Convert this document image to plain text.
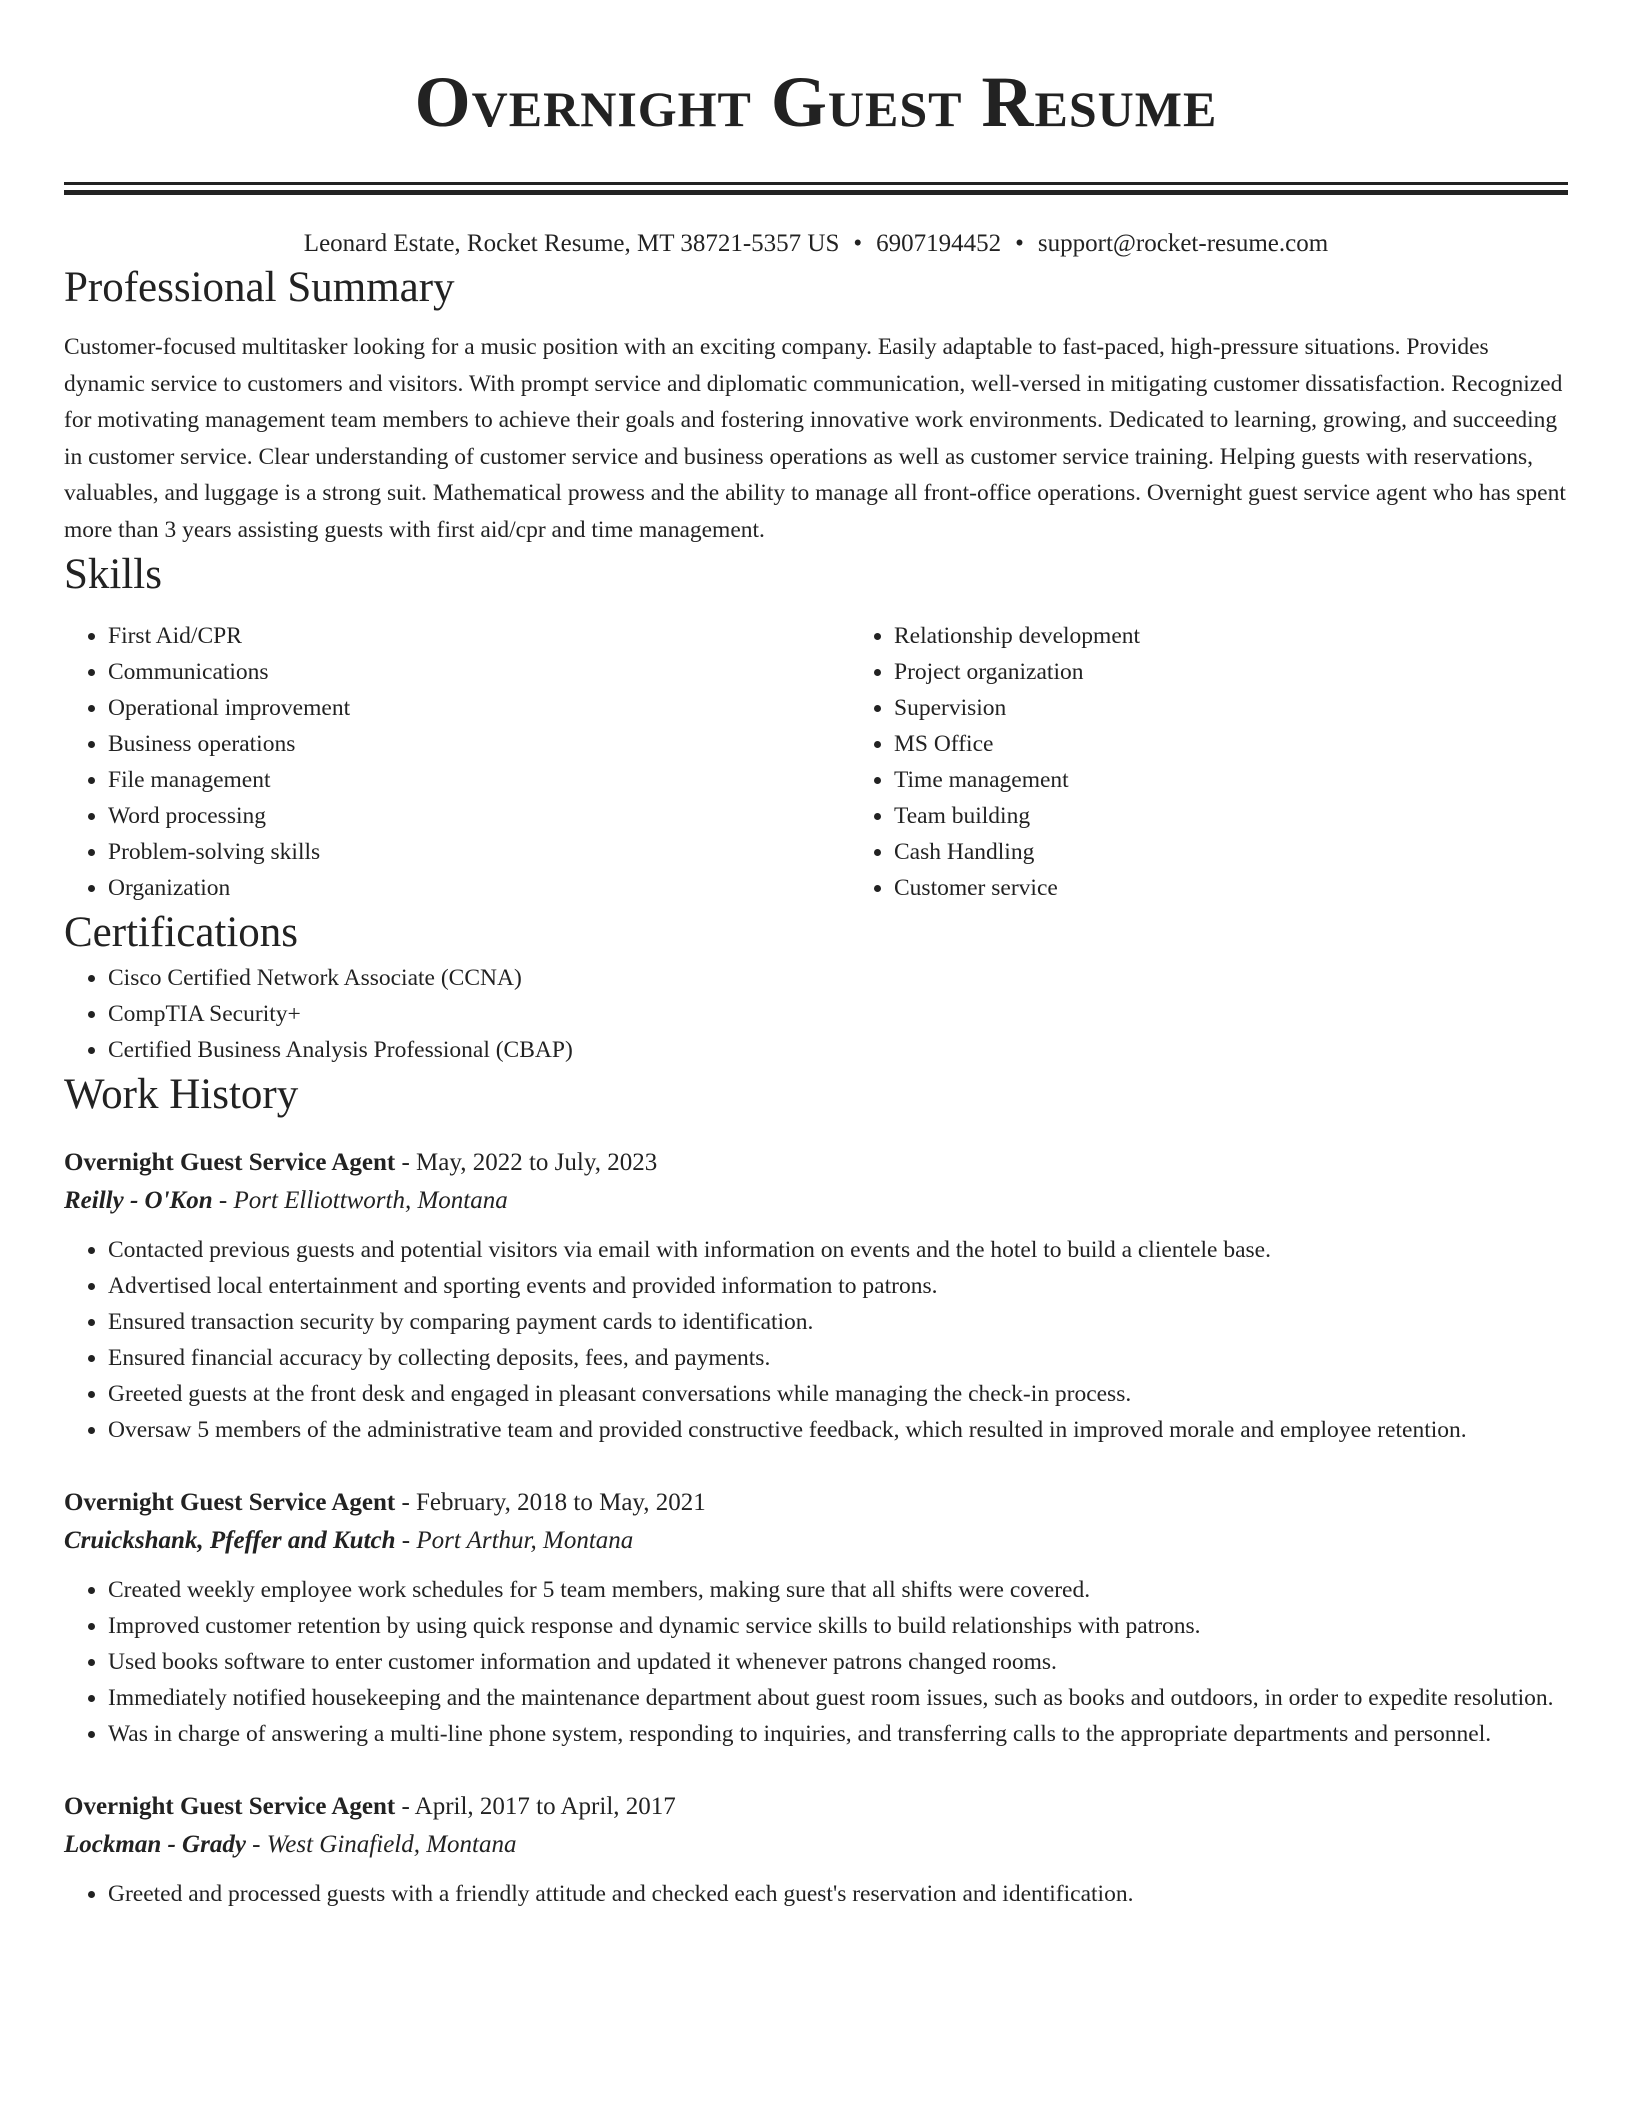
Overnight Guest Resume
Leonard Estate, Rocket Resume, MT 38721-5357 US • 6907194452 • support@rocket-resume.com
Professional Summary
Customer-focused multitasker looking for a music position with an exciting company. Easily adaptable to fast-paced, high-pressure situations. Provides dynamic service to customers and visitors. With prompt service and diplomatic communication, well-versed in mitigating customer dissatisfaction. Recognized for motivating management team members to achieve their goals and fostering innovative work environments. Dedicated to learning, growing, and succeeding in customer service. Clear understanding of customer service and business operations as well as customer service training. Helping guests with reservations, valuables, and luggage is a strong suit. Mathematical prowess and the ability to manage all front-office operations. Overnight guest service agent who has spent more than 3 years assisting guests with first aid/cpr and time management.
Skills
• First Aid/CPR
• Communications
• Operational improvement
• Business operations
• File management
• Word processing
• Problem-solving skills
• Organization
• Relationship development
• Project organization
• Supervision
• MS Office
• Time management
• Team building
• Cash Handling
• Customer service
Certifications
• Cisco Certified Network Associate (CCNA)
• CompTIA Security+
• Certified Business Analysis Professional (CBAP)
Work History
Overnight Guest Service Agent - May, 2022 to July, 2023
Reilly - O'Kon - Port Elliottworth, Montana
• Contacted previous guests and potential visitors via email with information on events and the hotel to build a clientele base.
• Advertised local entertainment and sporting events and provided information to patrons.
• Ensured transaction security by comparing payment cards to identification.
• Ensured financial accuracy by collecting deposits, fees, and payments.
• Greeted guests at the front desk and engaged in pleasant conversations while managing the check-in process.
• Oversaw 5 members of the administrative team and provided constructive feedback, which resulted in improved morale and employee retention.
Overnight Guest Service Agent - February, 2018 to May, 2021
Cruickshank, Pfeffer and Kutch - Port Arthur, Montana
• Created weekly employee work schedules for 5 team members, making sure that all shifts were covered.
• Improved customer retention by using quick response and dynamic service skills to build relationships with patrons.
• Used books software to enter customer information and updated it whenever patrons changed rooms.
• Immediately notified housekeeping and the maintenance department about guest room issues, such as books and outdoors, in order to expedite resolution.
• Was in charge of answering a multi-line phone system, responding to inquiries, and transferring calls to the appropriate departments and personnel.
Overnight Guest Service Agent - April, 2017 to April, 2017
Lockman - Grady - West Ginafield, Montana
• Greeted and processed guests with a friendly attitude and checked each guest's reservation and identification.
